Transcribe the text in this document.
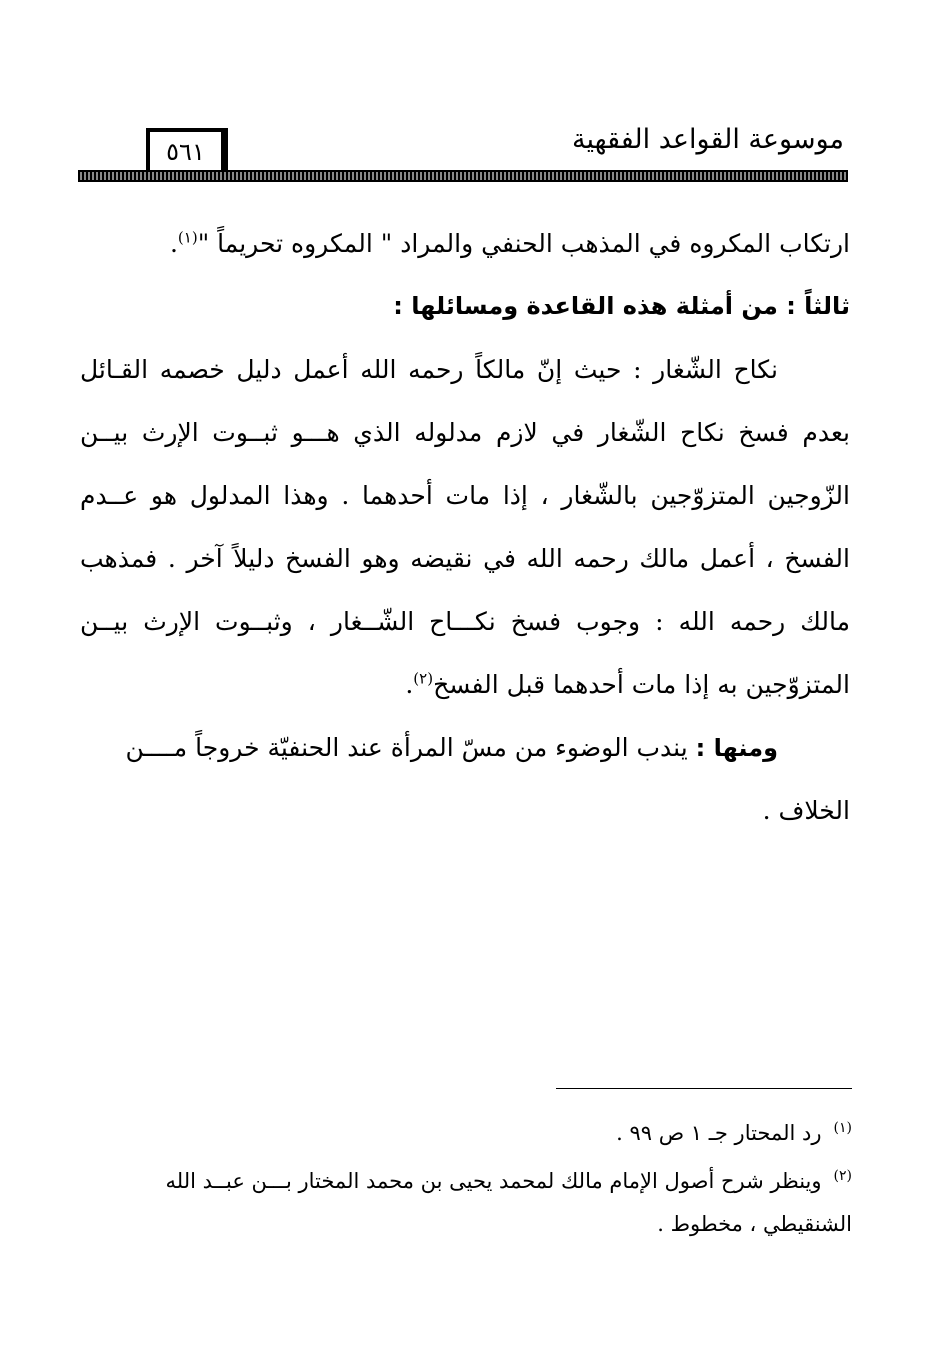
موسوعة القواعد الفقهية
٥٦١
ارتكاب المكروه في المذهب الحنفي والمراد " المكروه تحريماً "$^{(١)}$.
ثالثاً : من أمثلة هذه القاعدة ومسائلها :
نكاح الشّغار : حيث إنّ مالكاً رحمه الله أعمل دليل خصمه القـائل
بعدم فسخ نكاح الشّغار في لازم مدلوله الذي هـــو ثبــوت الإرث بيــن
الزّوجين المتزوّجين بالشّغار ، إذا مات أحدهما . وهذا المدلول هو عــدم
الفسخ ، أعمل مالك رحمه الله في نقيضه وهو الفسخ دليلاً آخر . فمذهب
مالك رحمه الله : وجوب فسخ نكـــاح الشّــغار ، وثبــوت الإرث بيــن
المتزوّجين به إذا مات أحدهما قبل الفسخ$^{(٢)}$.
ومنها : يندب الوضوء من مسّ المرأة عند الحنفيّة خروجاً مــــن
الخلاف .
$^{(١)}$رد المحتار جـ ١ ص ٩٩ .
$^{(٢)}$وينظر شرح أصول الإمام مالك لمحمد يحيى بن محمد المختار بـــن عبــد الله
الشنقيطي ، مخطوط .
